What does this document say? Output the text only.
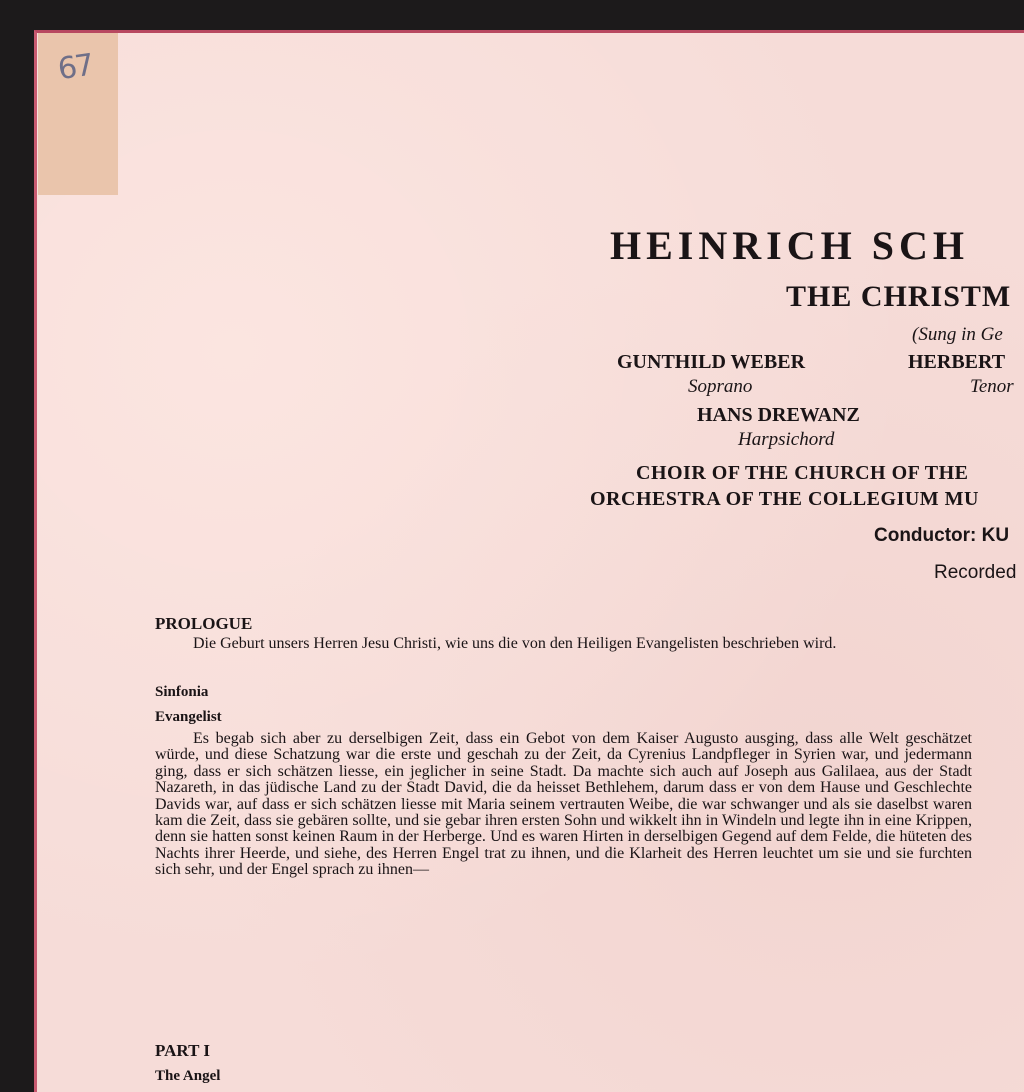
67
HEINRICH SCH
THE CHRISTM
(Sung in Ge
GUNTHILD WEBER
Soprano
HERBERT
Tenor
HANS DREWANZ
Harpsichord
CHOIR OF THE CHURCH OF THE
ORCHESTRA OF THE COLLEGIUM MU
Conductor: KU
Recorded
PROLOGUE
Die Geburt unsers Herren Jesu Christi, wie uns die von den Heiligen Evangelisten beschrieben wird.
Sinfonia
Evangelist
Es begab sich aber zu derselbigen Zeit, dass ein Gebot von dem Kaiser Augusto ausging, dass alle Welt geschätzet würde, und diese Schatzung war die erste und geschah zu der Zeit, da Cyrenius Landpfleger in Syrien war, und jedermann ging, dass er sich schätzen liesse, ein jeglicher in seine Stadt. Da machte sich auch auf Joseph aus Galilaea, aus der Stadt Nazareth, in das jüdische Land zu der Stadt David, die da heisset Bethlehem, darum dass er von dem Hause und Geschlechte Davids war, auf dass er sich schätzen liesse mit Maria seinem vertrauten Weibe, die war schwanger und als sie daselbst waren kam die Zeit, dass sie gebären sollte, und sie gebar ihren ersten Sohn und wikkelt ihn in Windeln und legte ihn in eine Krippen, denn sie hatten sonst keinen Raum in der Herberge. Und es waren Hirten in derselbigen Gegend auf dem Felde, die hüteten des Nachts ihrer Heerde, und siehe, des Herren Engel trat zu ihnen, und die Klarheit des Herren leuchtet um sie und sie furchten sich sehr, und der Engel sprach zu ihnen—
PART I
The Angel
